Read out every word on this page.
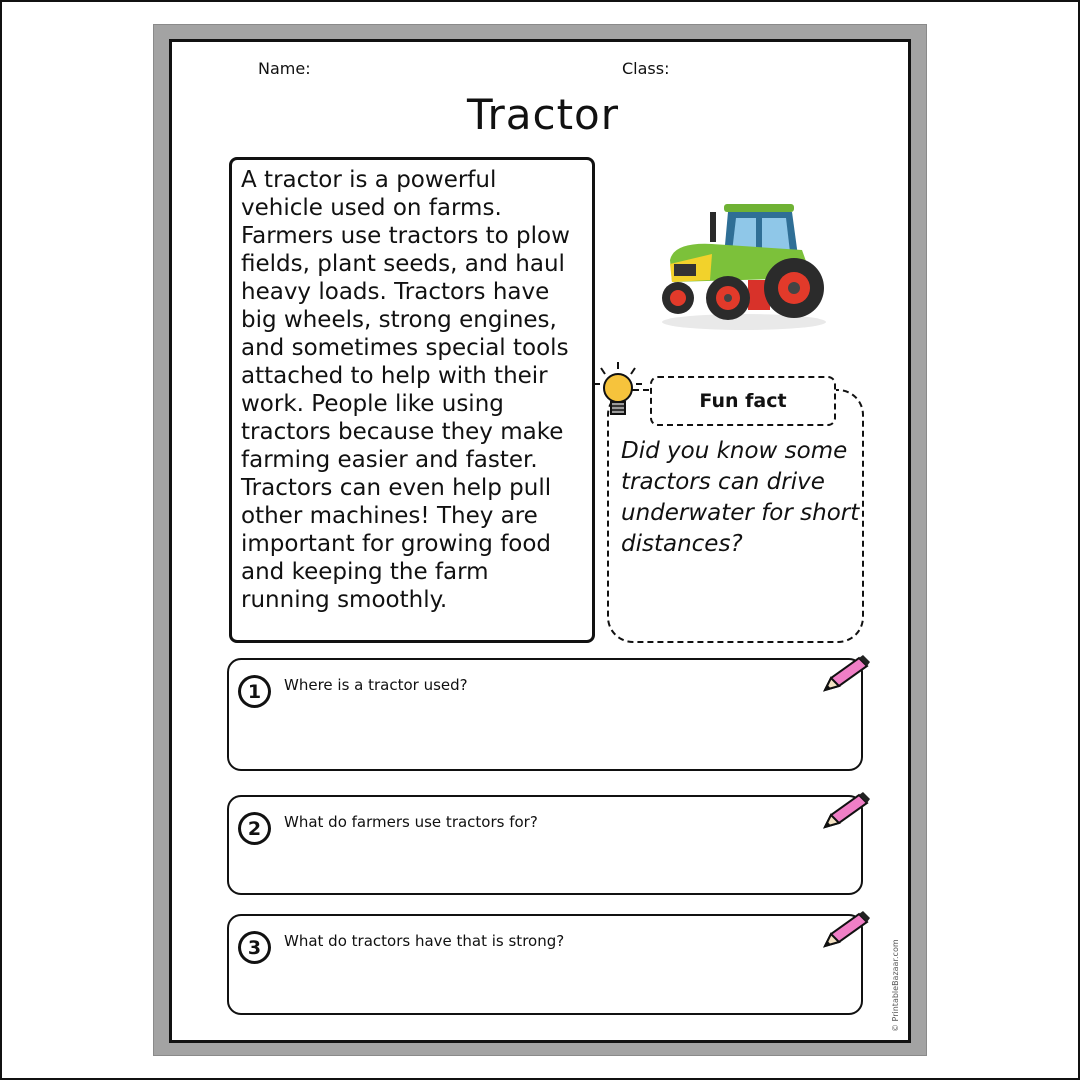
Name:	Class:
Tractor

A tractor is a powerful vehicle used on farms. Farmers use tractors to plow fields, plant seeds, and haul heavy loads. Tractors have big wheels, strong engines, and sometimes special tools attached to help with their work. People like using tractors because they make farming easier and faster. Tractors can even help pull other machines! They are important for growing food and keeping the farm running smoothly.

Fun fact

Did you know some tractors can drive underwater for short distances?

1	Where is a tractor used?
2	What do farmers use tractors for?
3	What do tractors have that is strong?	© PrintableBazaar.com
